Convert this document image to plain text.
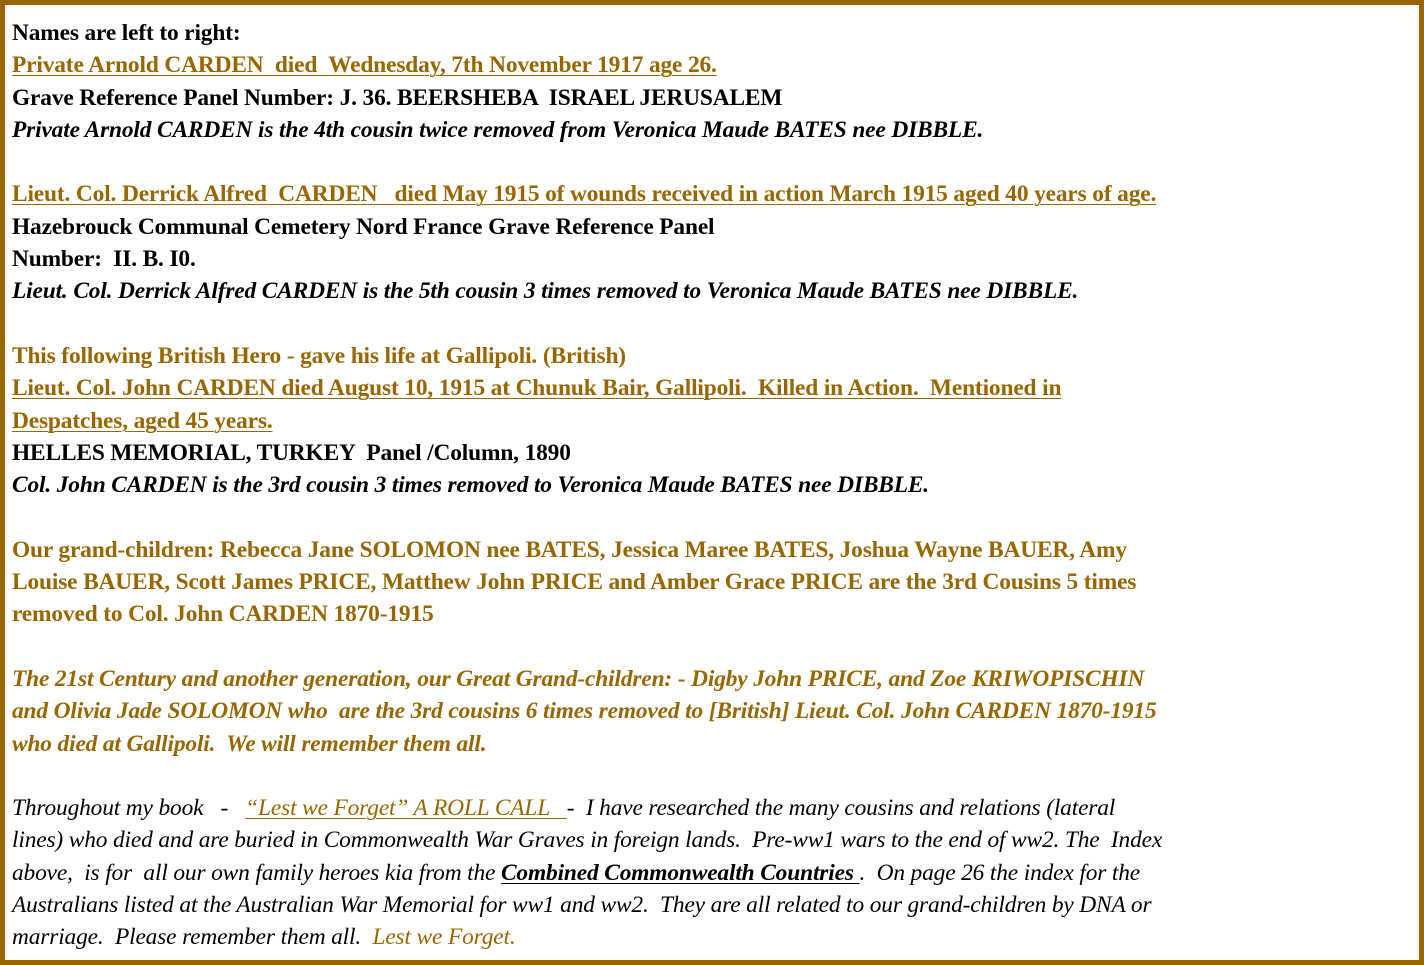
Names are left to right:
Private Arnold CARDEN  died  Wednesday, 7th November 1917 age 26.
Grave Reference Panel Number: J. 36. BEERSHEBA  ISRAEL JERUSALEM
Private Arnold CARDEN is the 4th cousin twice removed from Veronica Maude BATES nee DIBBLE.
Lieut. Col. Derrick Alfred  CARDEN   died May 1915 of wounds received in action March 1915 aged 40 years of age.
Hazebrouck Communal Cemetery Nord France Grave Reference Panel
Number:  II. B. I0.
Lieut. Col. Derrick Alfred CARDEN is the 5th cousin 3 times removed to Veronica Maude BATES nee DIBBLE.
This following British Hero - gave his life at Gallipoli. (British)
Lieut. Col. John CARDEN died August 10, 1915 at Chunuk Bair, Gallipoli.  Killed in Action.  Mentioned in
Despatches, aged 45 years.
HELLES MEMORIAL, TURKEY  Panel /Column, 1890
Col. John CARDEN is the 3rd cousin 3 times removed to Veronica Maude BATES nee DIBBLE.
Our grand-children: Rebecca Jane SOLOMON nee BATES, Jessica Maree BATES, Joshua Wayne BAUER, Amy
Louise BAUER, Scott James PRICE, Matthew John PRICE and Amber Grace PRICE are the 3rd Cousins 5 times
removed to Col. John CARDEN 1870-1915
The 21st Century and another generation, our Great Grand-children: - Digby John PRICE, and Zoe KRIWOPISCHIN
and Olivia Jade SOLOMON who  are the 3rd cousins 6 times removed to [British] Lieut. Col. John CARDEN 1870-1915
who died at Gallipoli.  We will remember them all.
Throughout my book   -   “Lest we Forget” A ROLL CALL   -  I have researched the many cousins and relations (lateral
lines) who died and are buried in Commonwealth War Graves in foreign lands.  Pre-ww1 wars to the end of ww2. The  Index
above,  is for  all our own family heroes kia from the Combined Commonwealth Countries .  On page 26 the index for the
Australians listed at the Australian War Memorial for ww1 and ww2.  They are all related to our grand-children by DNA or
marriage.  Please remember them all.  Lest we Forget.
